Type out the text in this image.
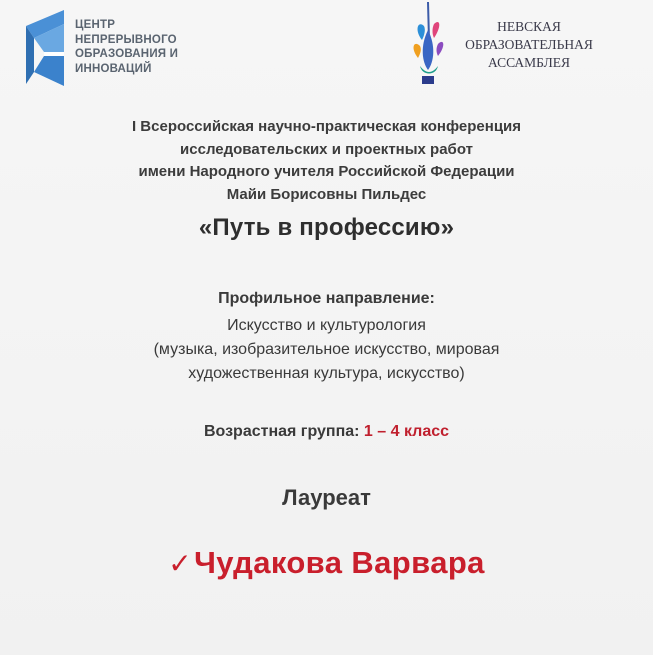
ЦЕНТР
НЕПРЕРЫВНОГО
ОБРАЗОВАНИЯ И
ИННОВАЦИЙ
НЕВСКАЯ
ОБРАЗОВАТЕЛЬНАЯ
АССАМБЛЕЯ
I Всероссийская научно-практическая конференция
исследовательских и проектных работ
имени Народного учителя Российской Федерации
Майи Борисовны Пильдес
«Путь в профессию»
Профильное направление:
Искусство и культурология
(музыка, изобразительное искусство, мировая
художественная культура, искусство)
Возрастная группа: 1 – 4 класс
Лауреат
✓Чудакова Варвара
